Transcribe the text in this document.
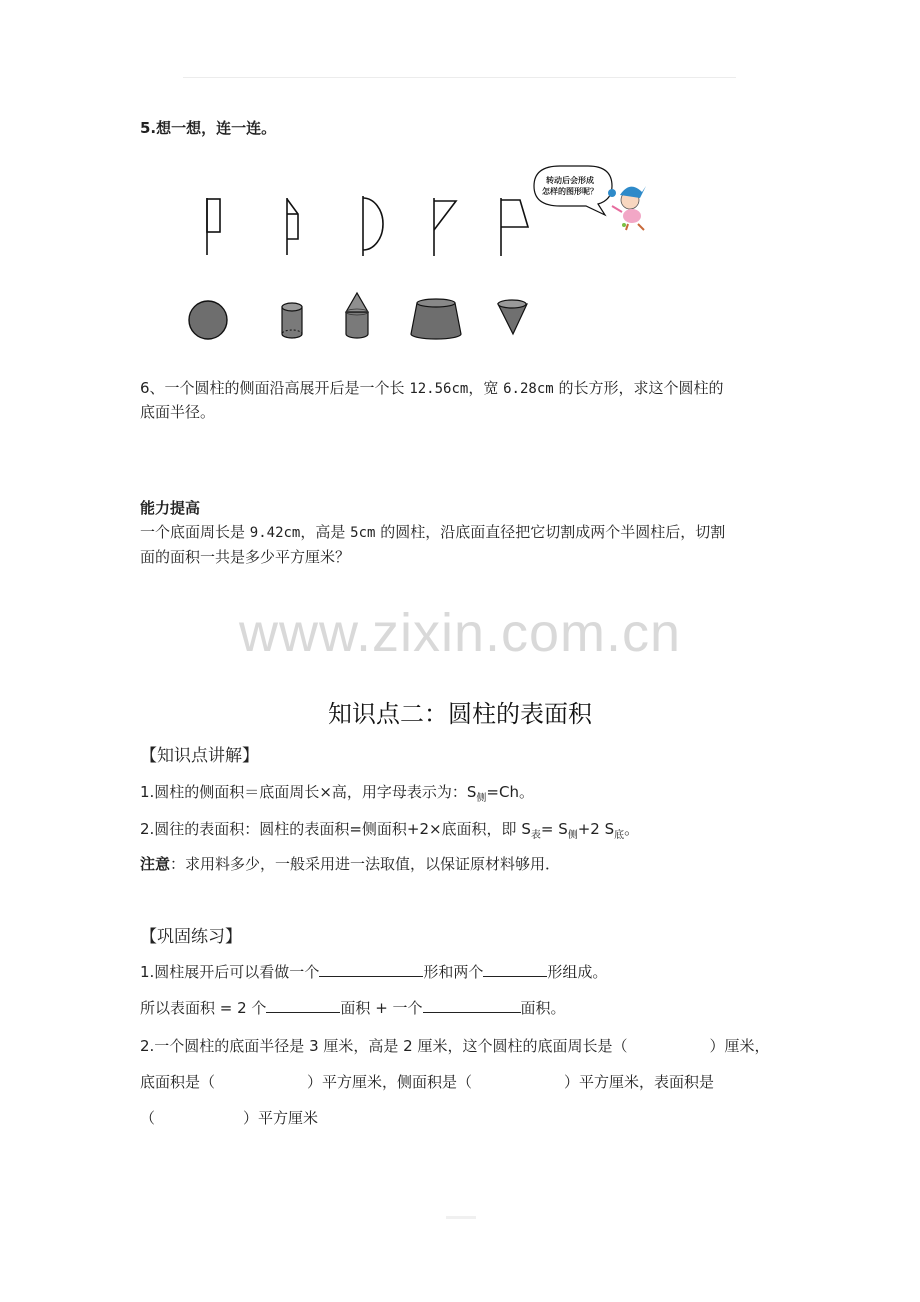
5.想一想，连一连。
转动后会形成
怎样的图形呢？
6、一个圆柱的侧面沿高展开后是一个长 12.56cm，宽 6.28cm 的长方形，求这个圆柱的
底面半径。
能力提高
一个底面周长是 9.42cm，高是 5cm 的圆柱，沿底面直径把它切割成两个半圆柱后，切割
面的面积一共是多少平方厘米？
www.zixin.com.cn
知识点二：圆柱的表面积
【知识点讲解】
1.圆柱的侧面积＝底面周长×高，用字母表示为：$S_侧=Ch$。
2.圆往的表面积：圆柱的表面积=侧面积+2×底面积，即 $S_表= S_侧+2$ $S_底$。
注意：求用料多少，一般采用进一法取值，以保证原材料够用．
【巩固练习】
1.圆柱展开后可以看做一个	形和两个	形组成。
所以表面积 = 2 个	面积 + 一个	面积。
2.一个圆柱的底面半径是 3 厘米，高是 2 厘米，这个圆柱的底面周长是（	）厘米，
底面积是（	）平方厘米，侧面积是（	）平方厘米，表面积是
（	）平方厘米
